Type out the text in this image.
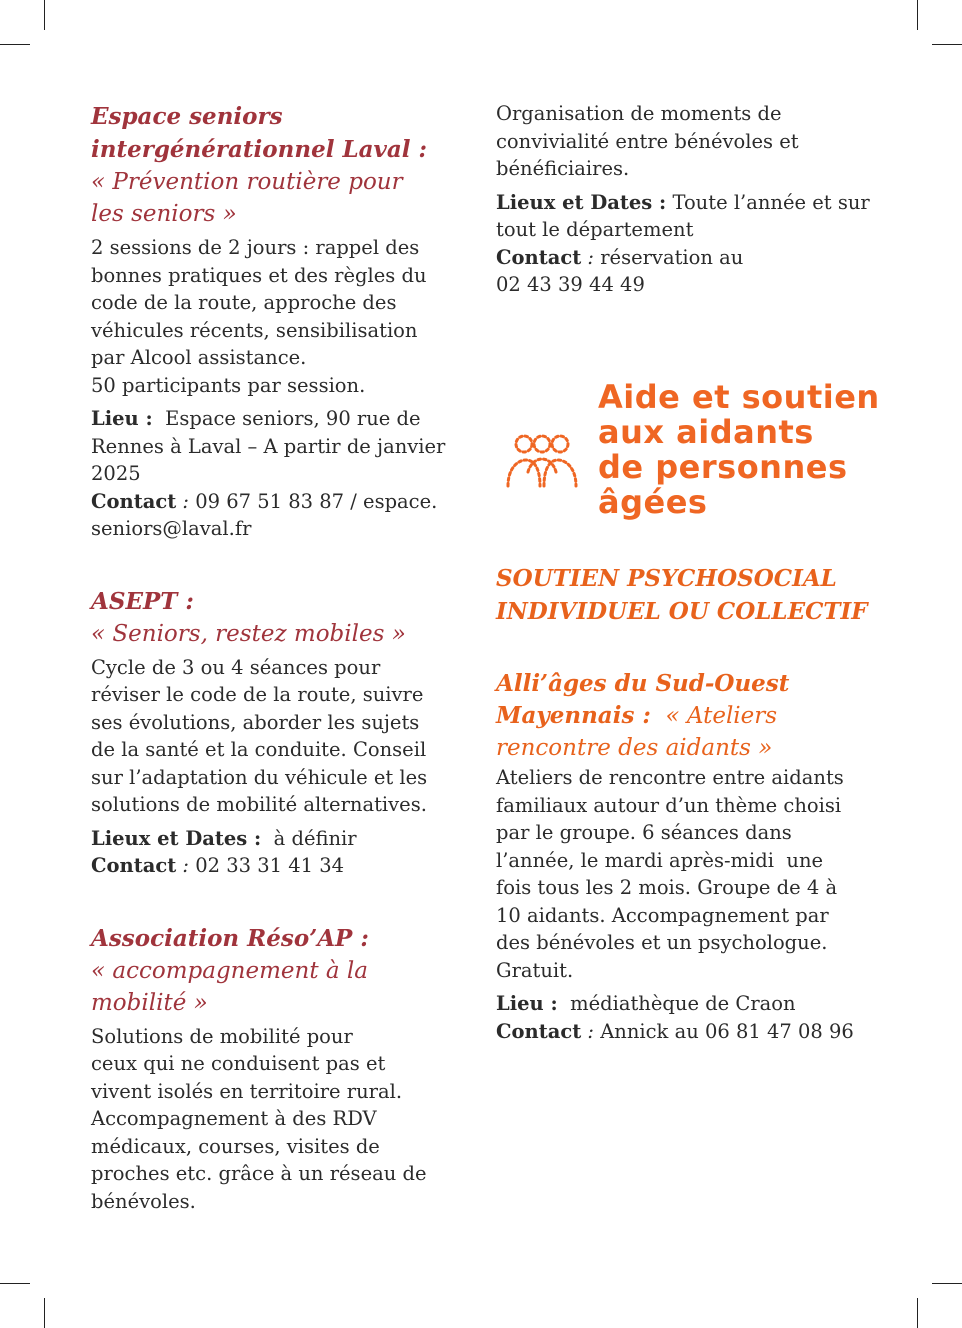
Espace seniors
intergénérationnel Laval :

« Prévention routière pour
les seniors »

2 sessions de 2 jours : rappel des
bonnes pratiques et des règles du
code de la route, approche des
véhicules récents, sensibilisation
par Alcool assistance.
50 participants par session.

Lieu :  Espace seniors, 90 rue de
Rennes à Laval – A partir de janvier
2025
Contact : 09 67 51 83 87 / espace.
seniors@laval.fr

ASEPT :

« Seniors, restez mobiles »

Cycle de 3 ou 4 séances pour
réviser le code de la route, suivre
ses évolutions, aborder les sujets
de la santé et la conduite. Conseil
sur l’adaptation du véhicule et les
solutions de mobilité alternatives.

Lieux et Dates :  à définir
Contact : 02 33 31 41 34

Association Réso’AP :

« accompagnement à la
mobilité »

Solutions de mobilité pour
ceux qui ne conduisent pas et
vivent isolés en territoire rural.
Accompagnement à des RDV
médicaux, courses, visites de
proches etc. grâce à un réseau de
bénévoles.

Organisation de moments de
convivialité entre bénévoles et
bénéficiaires.

Lieux et Dates : Toute l’année et sur
tout le département
Contact : réservation au
02 43 39 44 49

Aide et soutien
aux aidants
de personnes
âgées

SOUTIEN PSYCHOSOCIAL
INDIVIDUEL OU COLLECTIF

Alli’âges du Sud-Ouest
Mayennais :  « Ateliers
rencontre des aidants »

Ateliers de rencontre entre aidants
familiaux autour d’un thème choisi
par le groupe. 6 séances dans
l’année, le mardi après-midi  une
fois tous les 2 mois. Groupe de 4 à
10 aidants. Accompagnement par
des bénévoles et un psychologue.
Gratuit.

Lieu :  médiathèque de Craon
Contact : Annick au 06 81 47 08 96
